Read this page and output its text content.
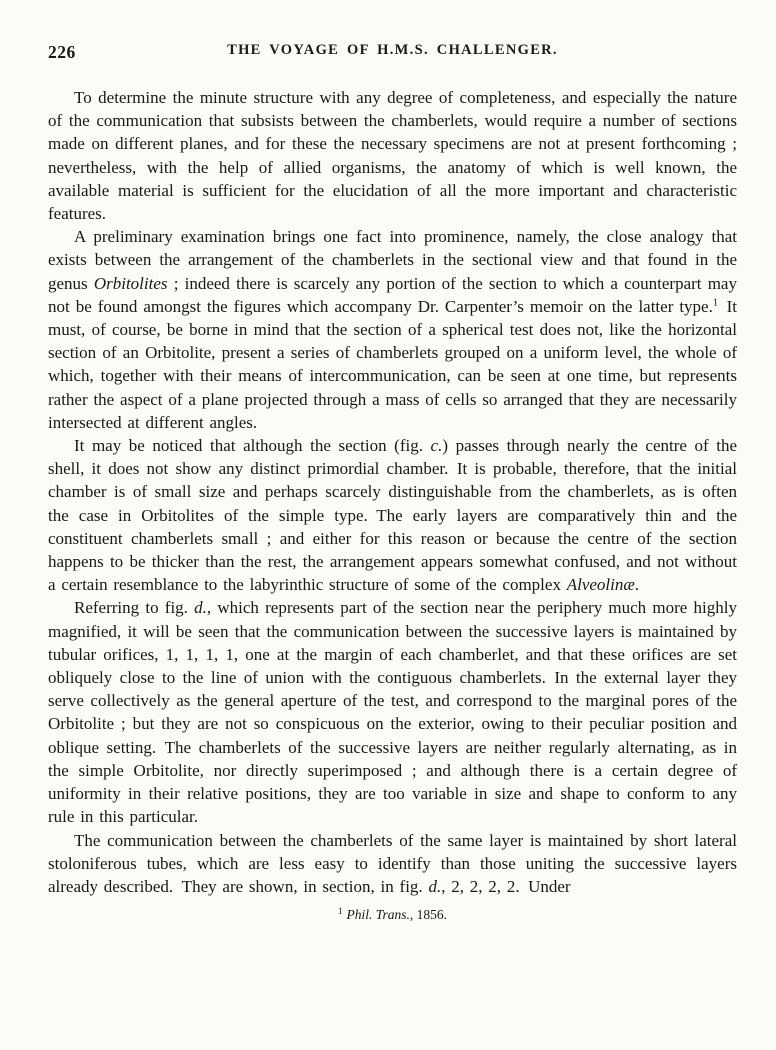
226	THE VOYAGE OF H.M.S. CHALLENGER.

To determine the minute structure with any degree of completeness, and especially the nature of the communication that subsists between the chamberlets, would require a number of sections made on different planes, and for these the necessary specimens are not at present forthcoming ; nevertheless, with the help of allied organisms, the anatomy of which is well known, the available material is sufficient for the elucidation of all the more important and characteristic features.

A preliminary examination brings one fact into prominence, namely, the close analogy that exists between the arrangement of the chamberlets in the sectional view and that found in the genus Orbitolites ; indeed there is scarcely any portion of the section to which a counterpart may not be found amongst the figures which accompany Dr. Carpenter’s memoir on the latter type.$^1$ It must, of course, be borne in mind that the section of a spherical test does not, like the horizontal section of an Orbitolite, present a series of chamberlets grouped on a uniform level, the whole of which, together with their means of intercommunication, can be seen at one time, but represents rather the aspect of a plane projected through a mass of cells so arranged that they are necessarily intersected at different angles.

It may be noticed that although the section (fig. c.) passes through nearly the centre of the shell, it does not show any distinct primordial chamber. It is probable, therefore, that the initial chamber is of small size and perhaps scarcely distinguishable from the chamberlets, as is often the case in Orbitolites of the simple type. The early layers are comparatively thin and the constituent chamberlets small ; and either for this reason or because the centre of the section happens to be thicker than the rest, the arrangement appears somewhat confused, and not without a certain resemblance to the labyrinthic structure of some of the complex Alveolinæ.

Referring to fig. d., which represents part of the section near the periphery much more highly magnified, it will be seen that the communication between the successive layers is maintained by tubular orifices, 1, 1, 1, 1, one at the margin of each chamberlet, and that these orifices are set obliquely close to the line of union with the contiguous chamberlets. In the external layer they serve collectively as the general aperture of the test, and correspond to the marginal pores of the Orbitolite ; but they are not so conspicuous on the exterior, owing to their peculiar position and oblique setting. The chamberlets of the successive layers are neither regularly alternating, as in the simple Orbitolite, nor directly superimposed ; and although there is a certain degree of uniformity in their relative positions, they are too variable in size and shape to conform to any rule in this particular.

The communication between the chamberlets of the same layer is maintained by short lateral stoloniferous tubes, which are less easy to identify than those uniting the successive layers already described. They are shown, in section, in fig. d., 2, 2, 2, 2. Under

$^1$ Phil. Trans., 1856.
